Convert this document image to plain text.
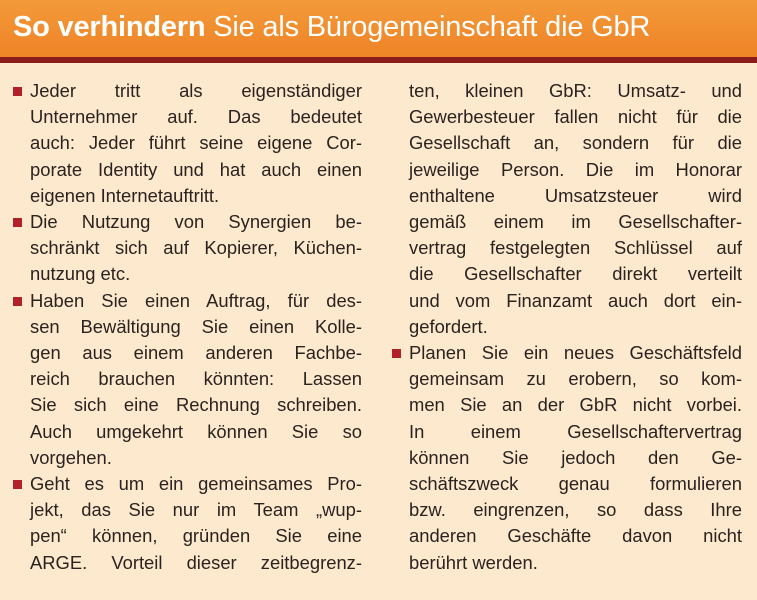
So verhindern Sie als Bürogemeinschaft die GbR
Jeder tritt als eigenständiger
Unternehmer auf. Das bedeutet
auch: Jeder führt seine eigene Cor-
porate Identity und hat auch einen
eigenen Internetauftritt.
Die Nutzung von Synergien be-
schränkt sich auf Kopierer, Küchen-
nutzung etc.
Haben Sie einen Auftrag, für des-
sen Bewältigung Sie einen Kolle-
gen aus einem anderen Fachbe-
reich brauchen könnten: Lassen
Sie sich eine Rechnung schreiben.
Auch umgekehrt können Sie so
vorgehen.
Geht es um ein gemeinsames Pro-
jekt, das Sie nur im Team „wup-
pen“ können, gründen Sie eine
ARGE. Vorteil dieser zeitbegrenz-
ten, kleinen GbR: Umsatz- und
Gewerbesteuer fallen nicht für die
Gesellschaft an, sondern für die
jeweilige Person. Die im Honorar
enthaltene Umsatzsteuer wird
gemäß einem im Gesellschafter-
vertrag festgelegten Schlüssel auf
die Gesellschafter direkt verteilt
und vom Finanzamt auch dort ein-
gefordert.
Planen Sie ein neues Geschäftsfeld
gemeinsam zu erobern, so kom-
men Sie an der GbR nicht vorbei.
In einem Gesellschaftervertrag
können Sie jedoch den Ge-
schäftszweck genau formulieren
bzw. eingrenzen, so dass Ihre
anderen Geschäfte davon nicht
berührt werden.
